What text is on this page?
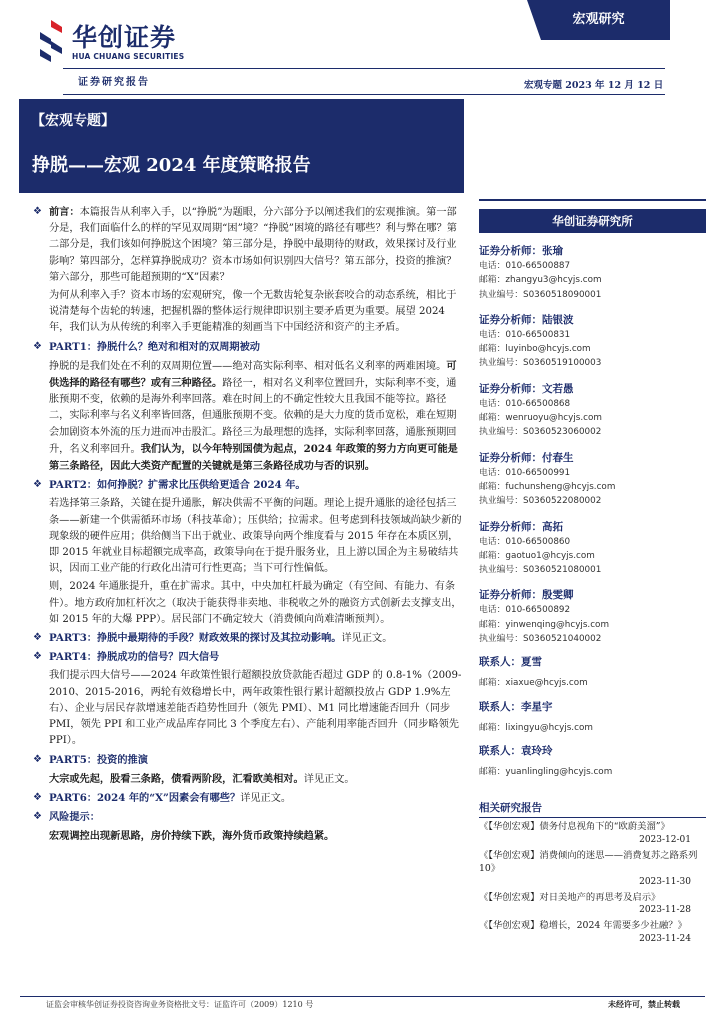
华创证券
HUA CHUANG SECURITIES
宏观研究
证券研究报告	宏观专题 2023 年 12 月 12 日
【宏观专题】
挣脱——宏观 2024 年度策略报告
❖ 前言：本篇报告从利率入手，以“挣脱”为题眼，分六部分予以阐述我们的宏观推演。第一部分是，我们面临什么的样的罕见双周期“困”境？“挣脱”困境的路径有哪些？利与弊在哪？第二部分是，我们该如何挣脱这个困境？第三部分是，挣脱中最期待的财政，效果探讨及行业影响？第四部分，怎样算挣脱成功？资本市场如何识别四大信号？第五部分，投资的推演？第六部分，那些可能超预期的“X”因素？
为何从利率入手？资本市场的宏观研究，像一个无数齿轮复杂嵌套咬合的动态系统，相比于说清楚每个齿轮的转速，把握机器的整体运行规律即识别主要矛盾更为重要。展望 2024 年，我们认为从传统的利率入手更能精准的刻画当下中国经济和资产的主矛盾。
❖ PART1：挣脱什么？绝对和相对的双周期被动
挣脱的是我们处在不利的双周期位置——绝对高实际利率、相对低名义利率的两难困境。可供选择的路径有哪些？或有三种路径。路径一，相对名义利率位置回升，实际利率不变，通胀预期不变，依赖的是海外利率回落。难在时间上的不确定性较大且我国不能等拉。路径二，实际利率与名义利率皆回落，但通胀预期不变。依赖的是大力度的货币宽松，难在短期会加剧资本外流的压力进而冲击股汇。路径三为最理想的选择，实际利率回落，通胀预期回升，名义利率回升。我们认为，以今年特别国债为起点，2024 年政策的努力方向更可能是第三条路径，因此大类资产配置的关键就是第三条路径成功与否的识别。
❖ PART2：如何挣脱？扩需求比压供给更适合 2024 年。
若选择第三条路，关键在提升通胀，解决供需不平衡的问题。理论上提升通胀的途径包括三条——新建一个供需循环市场（科技革命）；压供给；拉需求。但考虑到科技领域尚缺少新的现象级的硬件应用；供给侧当下出于就业、政策导向两个维度看与 2015 年存在本质区别，即 2015 年就业目标超额完成率高，政策导向在于提升服务业，且上游以国企为主易破结共识，因而工业产能的行政化出清可行性更高；当下可行性偏低。
则，2024 年通胀提升，重在扩需求。其中，中央加杠杆最为确定（有空间、有能力、有条件）。地方政府加杠杆次之（取决于能获得非卖地、非税收之外的融资方式创新去支撑支出，如 2015 年的大爆 PPP）。居民部门不确定较大（消费倾向尚难清晰预判）。
❖ PART3：挣脱中最期待的手段？财政效果的探讨及其拉动影响。详见正文。
❖ PART4：挣脱成功的信号？四大信号
我们提示四大信号——2024 年政策性银行超额投放贷款能否超过 GDP 的 0.8-1%（2009-2010、2015-2016，两轮有效稳增长中，两年政策性银行累计超额投放占 GDP 1.9%左右）、企业与居民存款增速差能否趋势性回升（领先 PMI）、M1 同比增速能否回升（同步 PMI，领先 PPI 和工业产成品库存同比 3 个季度左右）、产能利用率能否回升（同步略领先 PPI）。
❖ PART5：投资的推演
大宗或先起，股看三条路，债看两阶段，汇看欧美相对。详见正文。
❖ PART6：2024 年的“X”因素会有哪些？详见正文。
❖ 风险提示：
宏观调控出现新思路，房价持续下跌，海外货币政策持续趋紧。
华创证券研究所
证券分析师：张瑜
电话：010-66500887
邮箱：zhangyu3@hcyjs.com
执业编号：S0360518090001
证券分析师：陆银波
电话：010-66500831
邮箱：luyinbo@hcyjs.com
执业编号：S0360519100003
证券分析师：文若愚
电话：010-66500868
邮箱：wenruoyu@hcyjs.com
执业编号：S0360523060002
证券分析师：付春生
电话：010-66500991
邮箱：fuchunsheng@hcyjs.com
执业编号：S0360522080002
证券分析师：高拓
电话：010-66500860
邮箱：gaotuo1@hcyjs.com
执业编号：S0360521080001
证券分析师：殷雯卿
电话：010-66500892
邮箱：yinwenqing@hcyjs.com
执业编号：S0360521040002
联系人：夏雪
邮箱：xiaxue@hcyjs.com
联系人：李星宇
邮箱：lixingyu@hcyjs.com
联系人：袁玲玲
邮箱：yuanlingling@hcyjs.com
相关研究报告
《【华创宏观】债务付息视角下的“欧蔚美溜”》
2023-12-01
《【华创宏观】消费倾向的迷思——消费复苏之路系列10》
2023-11-30
《【华创宏观】对日美地产的再思考及启示》
2023-11-28
《【华创宏观】稳增长，2024 年需要多少社融？》
2023-11-24
证监会审核华创证券投资咨询业务资格批文号：证监许可（2009）1210 号	未经许可，禁止转载
